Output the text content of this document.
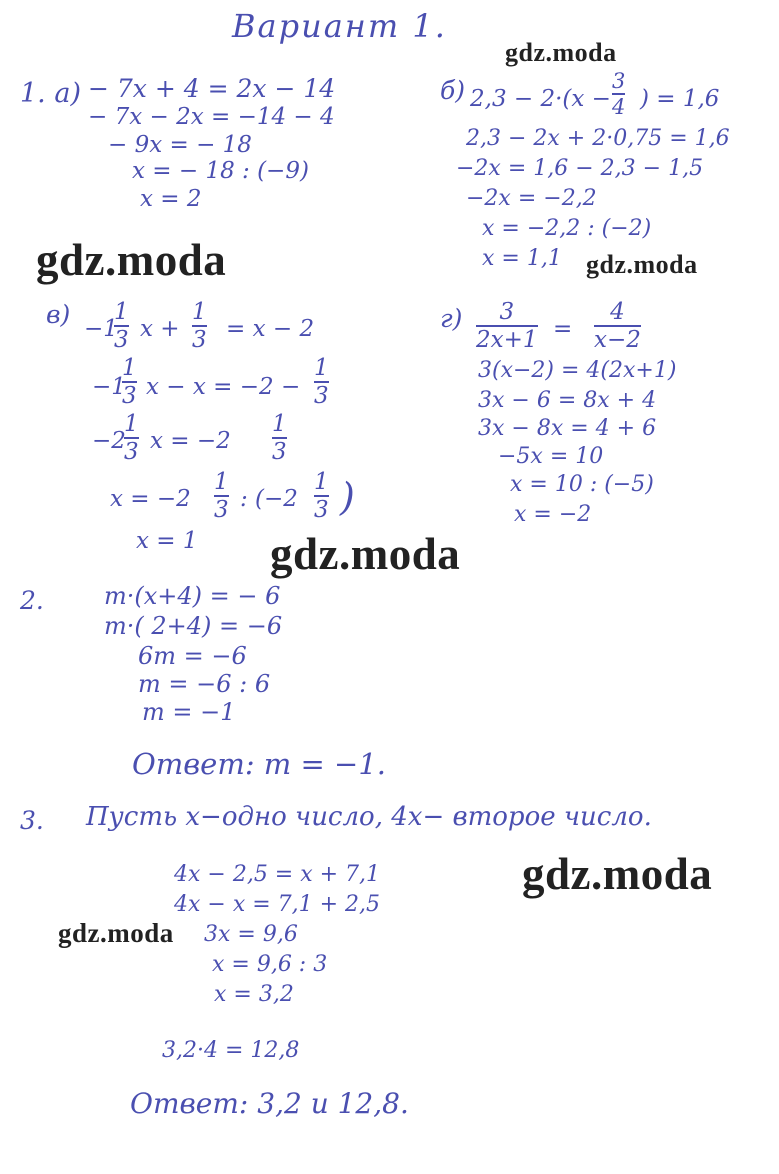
Вариант 1.
gdz.moda
gdz.moda	gdz.moda
gdz.moda
gdz.moda
gdz.moda
1. а) − 7x + 4 = 2x − 14
− 7x − 2x = −14 − 4
− 9x = − 18
x = − 18 : (−9)
x = 2
б) 2,3 − 2·(x −
3
4 ) = 1,6
2,3 − 2x + 2·0,75 = 1,6
−2x = 1,6 − 2,3 − 1,5
−2x = −2,2
x = −2,2 : (−2)
x = 1,1
в) −1
1
3 x +
1
3 = x − 2
−1
1
3 x − x = −2 −
1
3
−2
1
3 x = −2
1
3
x = −2
1
3 : (−2
1
3 )
x = 1
г) 3
2x+1 =
4
x−2
3(x−2) = 4(2x+1)
3x − 6 = 8x + 4
3x − 8x = 4 + 6
−5x = 10
x = 10 : (−5)
x = −2
2.	m·(x+4) = − 6
m·( 2+4) = −6
6m = −6
m = −6 : 6
m = −1
Ответ: m = −1.
3. Пусть x−одно число, 4x− второе число.
4x − 2,5 = x + 7,1
4x − x = 7,1 + 2,5
3x = 9,6
x = 9,6 : 3
x = 3,2
3,2·4 = 12,8
Ответ: 3,2 и 12,8.
